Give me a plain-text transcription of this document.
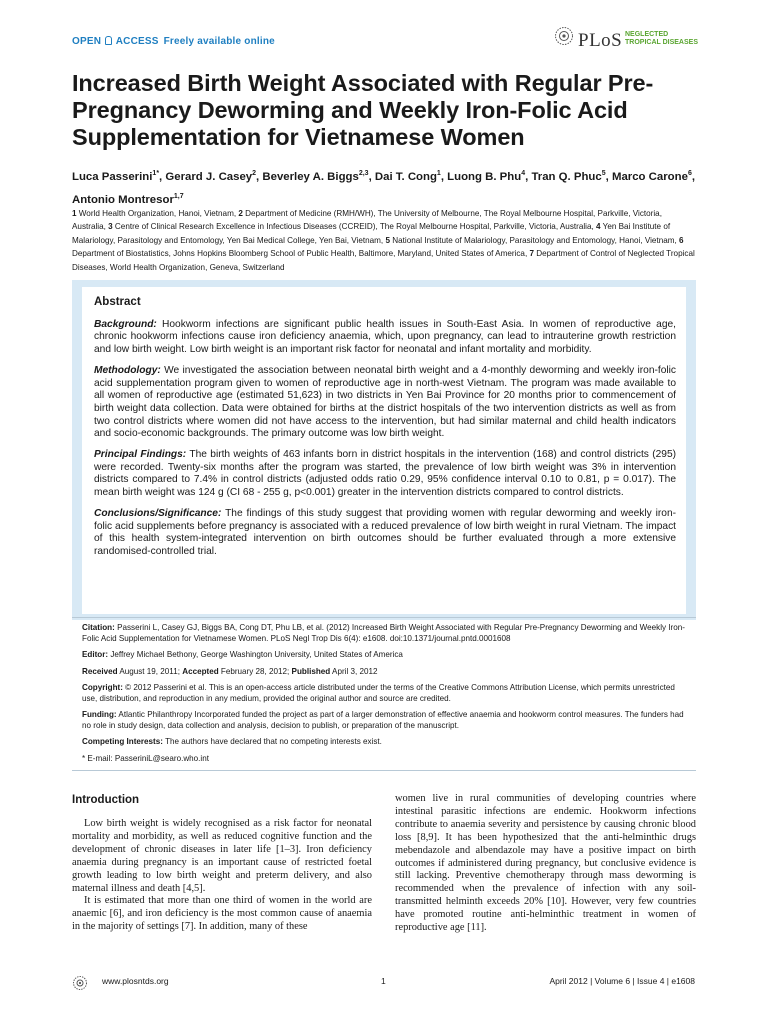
OPEN ACCESS Freely available online	PLoS NEGLECTED
TROPICAL DISEASES
Increased Birth Weight Associated with Regular Pre-Pregnancy Deworming and Weekly Iron-Folic Acid Supplementation for Vietnamese Women
Luca Passerini$^{1*}$, Gerard J. Casey$^2$, Beverley A. Biggs$^{2,3}$, Dai T. Cong$^1$, Luong B. Phu$^4$, Tran Q. Phuc$^5$, Marco Carone$^6$, Antonio Montresor$^{1,7}$
1 World Health Organization, Hanoi, Vietnam, 2 Department of Medicine (RMH/WH), The University of Melbourne, The Royal Melbourne Hospital, Parkville, Victoria, Australia, 3 Centre of Clinical Research Excellence in Infectious Diseases (CCREID), The Royal Melbourne Hospital, Parkville, Victoria, Australia, 4 Yen Bai Institute of Malariology, Parasitology and Entomology, Yen Bai Medical College, Yen Bai, Vietnam, 5 National Institute of Malariology, Parasitology and Entomology, Hanoi, Vietnam, 6 Department of Biostatistics, Johns Hopkins Bloomberg School of Public Health, Baltimore, Maryland, United States of America, 7 Department of Control of Neglected Tropical Diseases, World Health Organization, Geneva, Switzerland
Abstract

Background: Hookworm infections are significant public health issues in South-East Asia. In women of reproductive age, chronic hookworm infections cause iron deficiency anaemia, which, upon pregnancy, can lead to intrauterine growth restriction and low birth weight. Low birth weight is an important risk factor for neonatal and infant mortality and morbidity.

Methodology: We investigated the association between neonatal birth weight and a 4-monthly deworming and weekly iron-folic acid supplementation program given to women of reproductive age in north-west Vietnam. The program was made available to all women of reproductive age (estimated 51,623) in two districts in Yen Bai Province for 20 months prior to commencement of birth weight data collection. Data were obtained for births at the district hospitals of the two intervention districts as well as from two control districts where women did not have access to the intervention, but had similar maternal and child health indicators and socio-economic backgrounds. The primary outcome was low birth weight.

Principal Findings: The birth weights of 463 infants born in district hospitals in the intervention (168) and control districts (295) were recorded. Twenty-six months after the program was started, the prevalence of low birth weight was 3% in intervention districts compared to 7.4% in control districts (adjusted odds ratio 0.29, 95% confidence interval 0.10 to 0.81, p = 0.017). The mean birth weight was 124 g (CI 68 - 255 g, p<0.001) greater in the intervention districts compared to control districts.

Conclusions/Significance: The findings of this study suggest that providing women with regular deworming and weekly iron-folic acid supplements before pregnancy is associated with a reduced prevalence of low birth weight in rural Vietnam. The impact of this health system-integrated intervention on birth outcomes should be further evaluated through a more extensive randomised-controlled trial.

Citation: Passerini L, Casey GJ, Biggs BA, Cong DT, Phu LB, et al. (2012) Increased Birth Weight Associated with Regular Pre-Pregnancy Deworming and Weekly Iron-Folic Acid Supplementation for Vietnamese Women. PLoS Negl Trop Dis 6(4): e1608. doi:10.1371/journal.pntd.0001608

Editor: Jeffrey Michael Bethony, George Washington University, United States of America

Received August 19, 2011; Accepted February 28, 2012; Published April 3, 2012

Copyright: © 2012 Passerini et al. This is an open-access article distributed under the terms of the Creative Commons Attribution License, which permits unrestricted use, distribution, and reproduction in any medium, provided the original author and source are credited.

Funding: Atlantic Philanthropy Incorporated funded the project as part of a larger demonstration of effective anaemia and hookworm control measures. The funders had no role in study design, data collection and analysis, decision to publish, or preparation of the manuscript.

Competing Interests: The authors have declared that no competing interests exist.

* E-mail: PasseriniL@searo.who.int

Introduction

Low birth weight is widely recognised as a risk factor for neonatal mortality and morbidity, as well as reduced cognitive function and the development of chronic diseases in later life [1–3]. Iron deficiency anaemia during pregnancy is an important cause of restricted foetal growth leading to low birth weight and preterm delivery, and also maternal illness and death [4,5].

It is estimated that more than one third of women in the world are anaemic [6], and iron deficiency is the most common cause of anaemia in the majority of settings [7]. In addition, many of these

women live in rural communities of developing countries where intestinal parasitic infections are endemic. Hookworm infections contribute to anaemia severity and persistence by causing chronic blood loss [8,9]. It has been hypothesized that the anti-helminthic drugs mebendazole and albendazole may have a positive impact on birth outcomes if administered during pregnancy, but conclusive evidence is still lacking. Preventive chemotherapy through mass deworming is recommended when the prevalence of infection with any soil-transmitted helminth exceeds 20% [10]. However, very few countries have promoted routine anti-helminthic treatment in women of reproductive age [11].

www.plosntds.org	1	April 2012 | Volume 6 | Issue 4 | e1608
